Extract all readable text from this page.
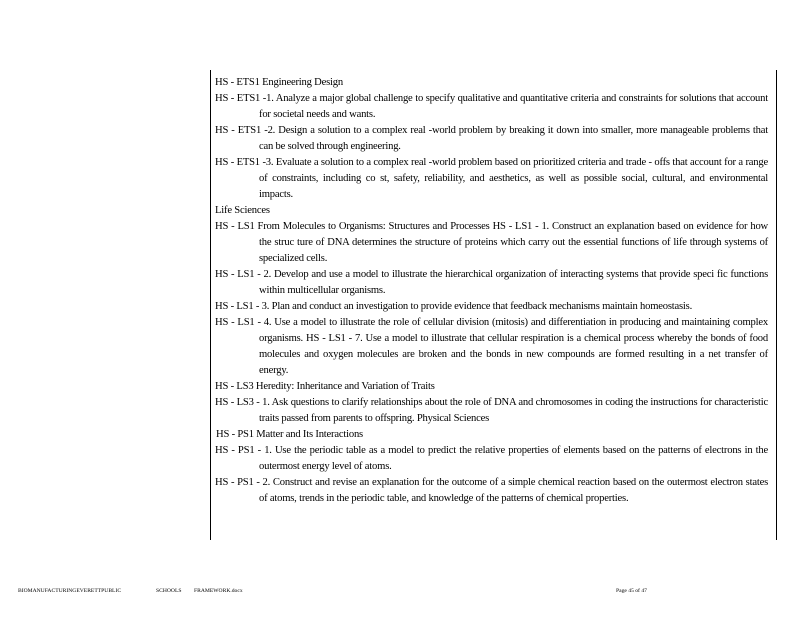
HS - ETS1 Engineering Design

HS - ETS1 -1. Analyze a major global challenge to specify qualitative and quantitative criteria and constraints for solutions that account for societal needs and wants.

HS - ETS1 -2. Design a solution to a complex real -world problem by breaking it down into smaller, more manageable problems that can be solved through engineering.

HS - ETS1 -3. Evaluate a solution to a complex real -world problem based on prioritized criteria and trade - offs that account for a range of constraints, including co st, safety, reliability, and aesthetics, as well as possible social, cultural, and environmental impacts.

Life Sciences

HS - LS1 From Molecules to Organisms: Structures and Processes HS - LS1 - 1. Construct an explanation based on evidence for how the struc ture of DNA determines the structure of proteins which carry out the essential functions of life through systems of specialized cells.

HS - LS1 - 2. Develop and use a model to illustrate the hierarchical organization of interacting systems that provide speci fic functions within multicellular organisms.

HS - LS1 - 3. Plan and conduct an investigation to provide evidence that feedback mechanisms maintain homeostasis.

HS - LS1 - 4. Use a model to illustrate the role of cellular division (mitosis) and differentiation in producing and maintaining complex organisms. HS - LS1 - 7. Use a model to illustrate that cellular respiration is a chemical process whereby the bonds of food molecules and oxygen molecules are broken and the bonds in new compounds are formed resulting in a net transfer of energy.

HS - LS3 Heredity: Inheritance and Variation of Traits

HS - LS3 - 1. Ask questions to clarify relationships about the role of DNA and chromosomes in coding the instructions for characteristic traits passed from parents to offspring. Physical Sciences

HS - PS1 Matter and Its Interactions

HS - PS1 - 1. Use the periodic table as a model to predict the relative properties of elements based on the patterns of electrons in the outermost energy level of atoms.

HS - PS1 - 2. Construct and revise an explanation for the outcome of a simple chemical reaction based on the outermost electron states of atoms, trends in the periodic table, and knowledge of the patterns of chemical properties.

BIOMANUFACTURINGEVERETTPUBLIC	SCHOOLS FRAMEWORK.docx	Page 45 of 47
